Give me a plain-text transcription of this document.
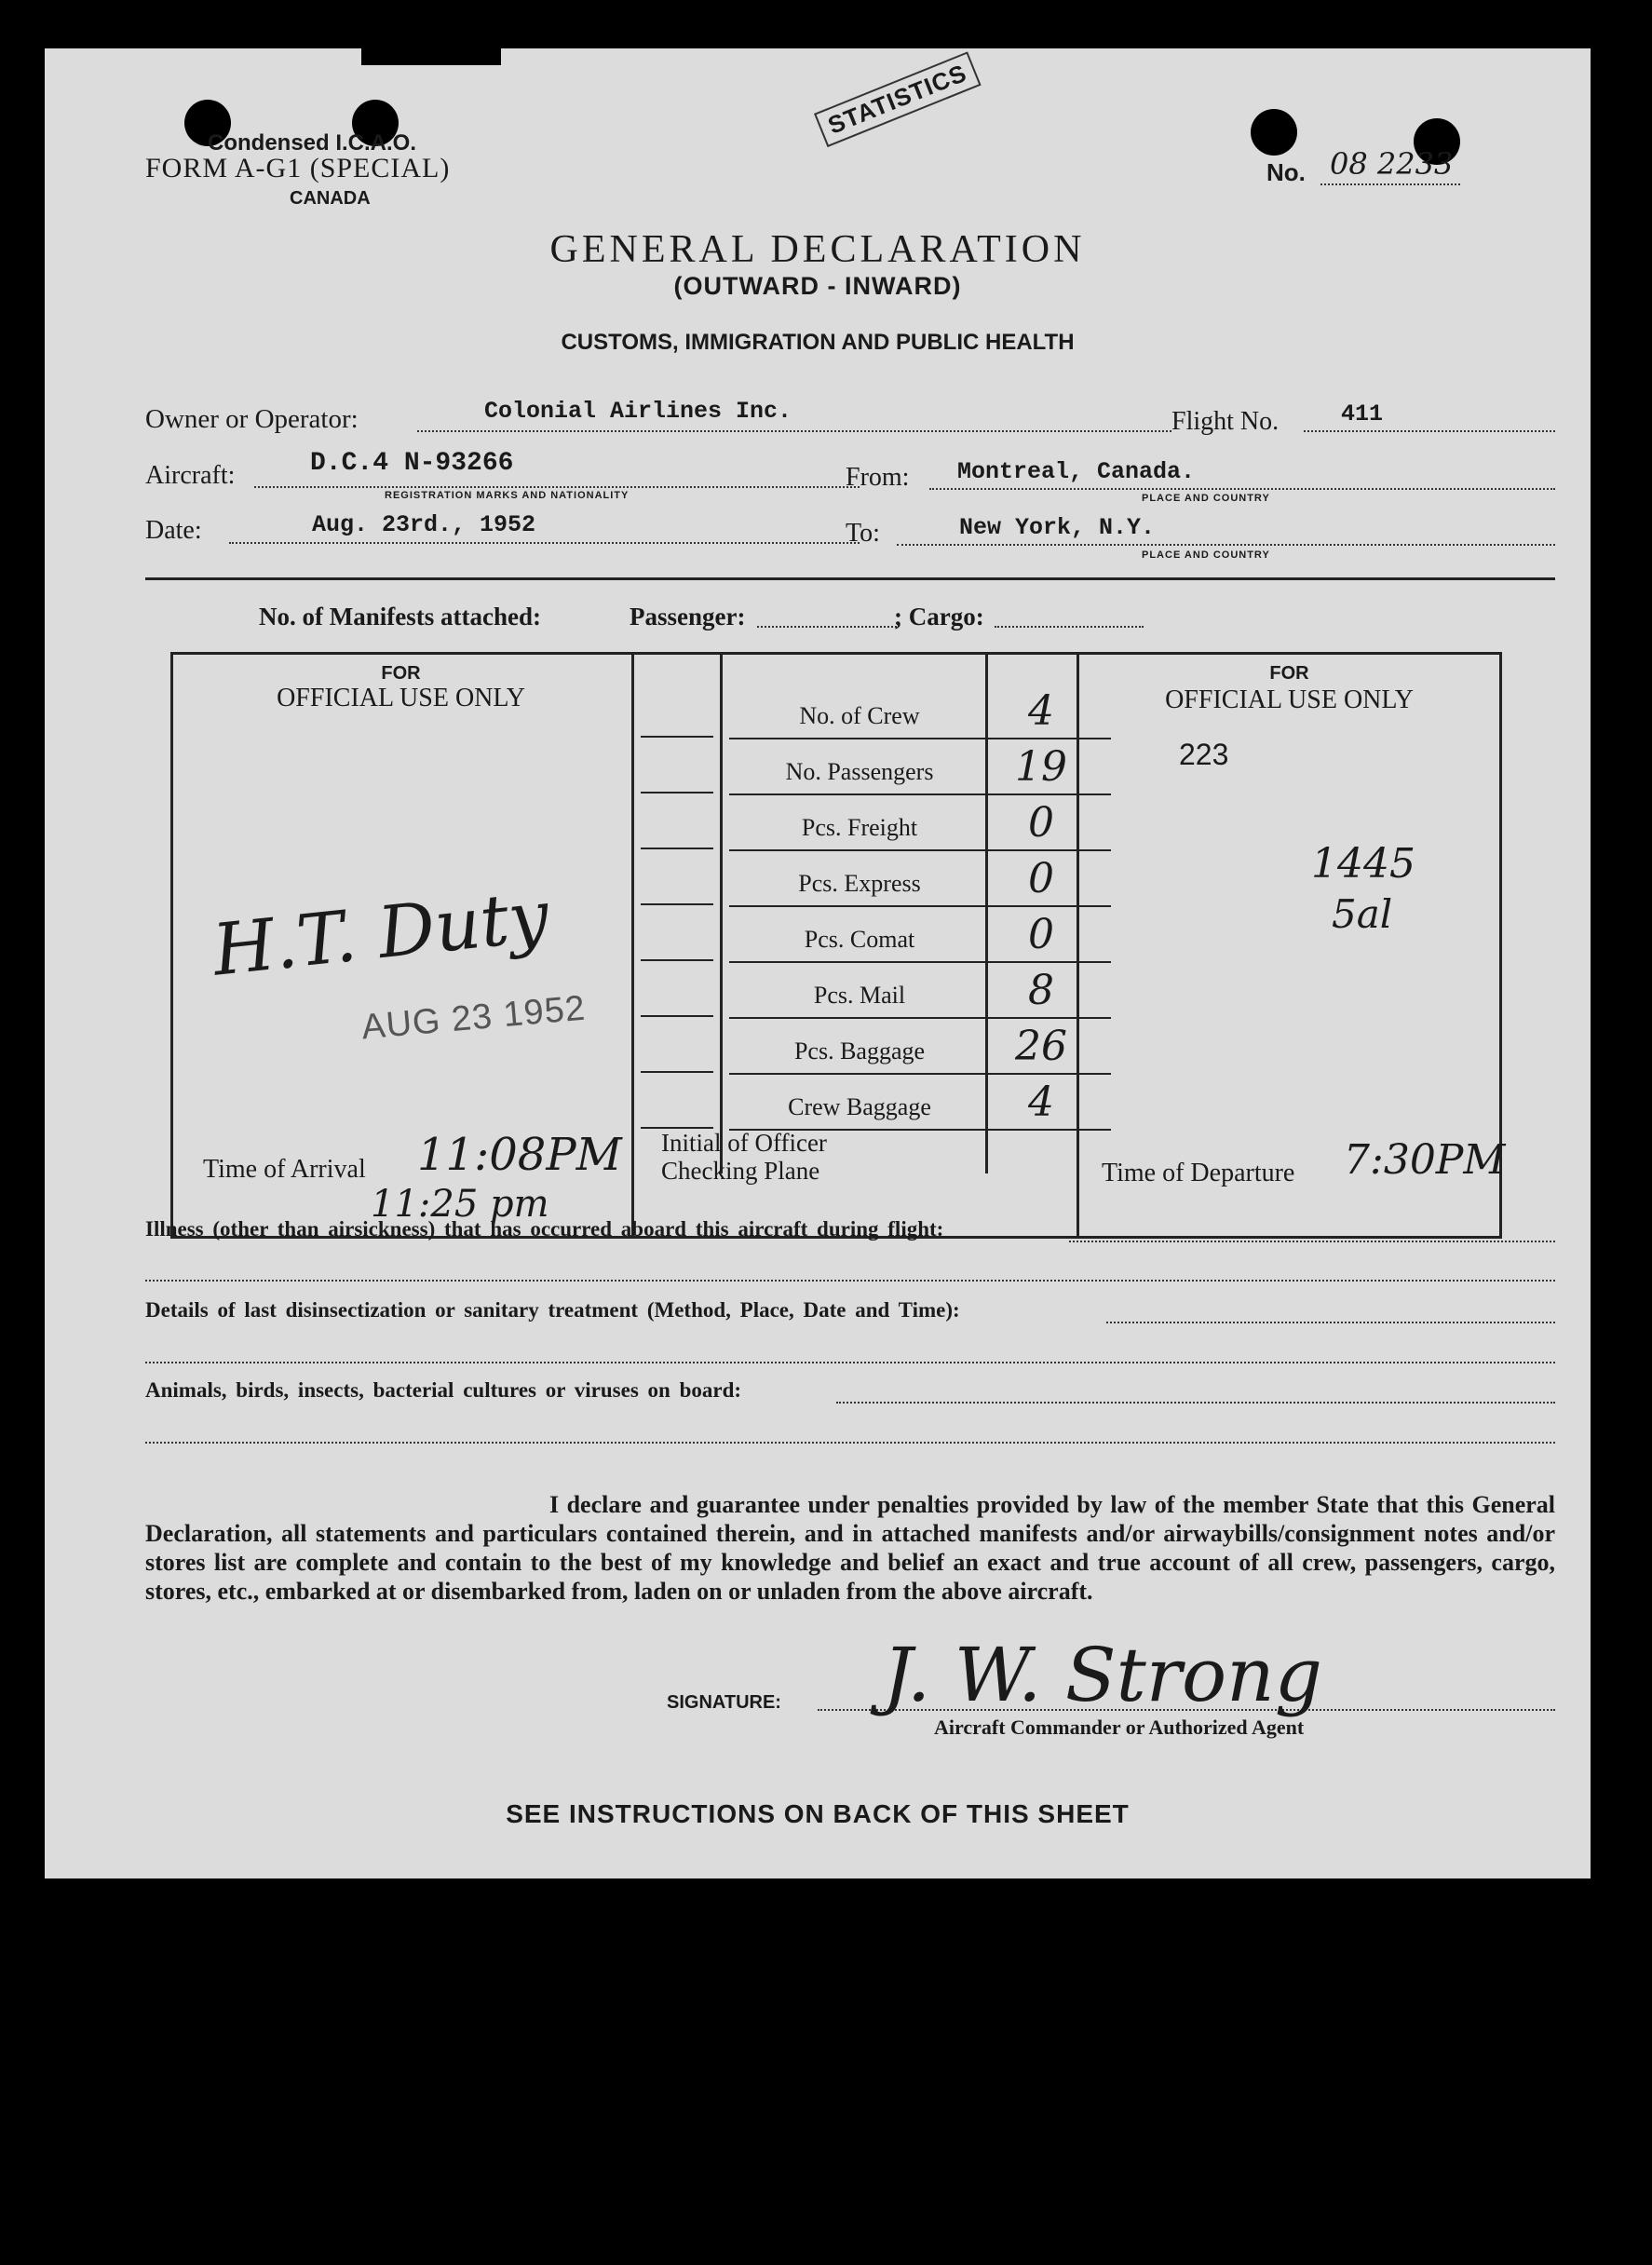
Condensed I.C.A.O.
FORM A-G1 (SPECIAL)
CANADA
STATISTICS
No. 08 2233
GENERAL DECLARATION
(OUTWARD - INWARD)
CUSTOMS, IMMIGRATION AND PUBLIC HEALTH
Owner or Operator:	Colonial Airlines Inc.	Flight No.	411
Aircraft:	D.C.4 N-93266
REGISTRATION MARKS AND NATIONALITY
From: Montreal, Canada.
PLACE AND COUNTRY
Date:	Aug. 23rd., 1952	To:	New York, N.Y.
PLACE AND COUNTRY
No. of Manifests attached:	Passenger:	; Cargo:
FOR
OFFICIAL USE ONLY
FOR
OFFICIAL USE ONLY
No. of Crew	4
No. Passengers	19
Pcs. Freight	0
Pcs. Express	0
Pcs. Comat	0
Pcs. Mail	8
Pcs. Baggage	26
Crew Baggage	4
223
1445
5al
H.T. Duty
AUG 23 1952
Time of Arrival 11:08PM
11:25 pm
Initial of Officer
Checking Plane	Time of Departure 7:30PM
Illness (other than airsickness) that has occurred aboard this aircraft during flight:
Details of last disinsectization or sanitary treatment (Method, Place, Date and Time):
Animals, birds, insects, bacterial cultures or viruses on board:
I declare and guarantee under penalties provided by law of the member State that this General Declaration, all statements and particulars contained therein, and in attached manifests and/or airwaybills/consignment notes and/or stores list are complete and contain to the best of my knowledge and belief an exact and true account of all crew, passengers, cargo, stores, etc., embarked at or disembarked from, laden on or unladen from the above aircraft.
SIGNATURE: J. W. Strong
Aircraft Commander or Authorized Agent
SEE INSTRUCTIONS ON BACK OF THIS SHEET
